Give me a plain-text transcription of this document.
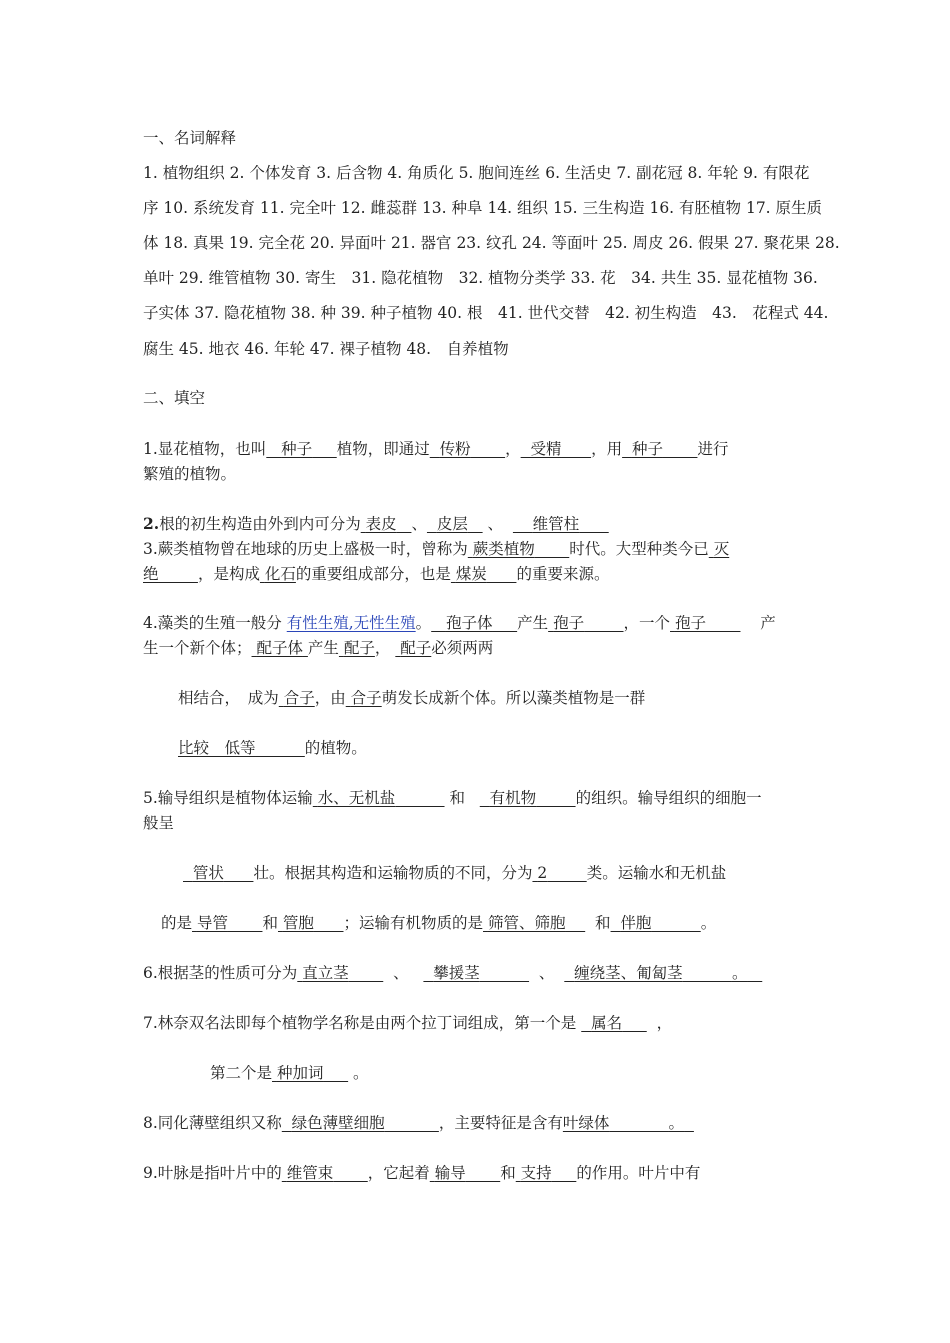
一、名词解释
1. 植物组织 2. 个体发育 3. 后含物 4. 角质化 5. 胞间连丝 6. 生活史 7. 副花冠 8. 年轮 9. 有限花
序 10. 系统发育 11. 完全叶 12. 雌蕊群 13. 种阜 14. 组织 15. 三生构造 16. 有胚植物 17. 原生质
体 18. 真果 19. 完全花 20. 异面叶 21. 器官 23. 纹孔 24. 等面叶 25. 周皮 26. 假果 27. 聚花果 28.
单叶 29. 维管植物 30. 寄生　31. 隐花植物　32. 植物分类学 33. 花　34. 共生 35. 显花植物 36.
子实体 37. 隐花植物 38. 种 39. 种子植物 40. 根　41. 世代交替　42. 初生构造　43.　花程式 44.
腐生 45. 地衣 46. 年轮 47. 裸子植物 48.　自养植物
二、填空
1.显花植物，也叫 种子 植物，即通过 传粉 ， 受精 ，用 种子 进行
繁殖的植物。
2.根的初生构造由外到内可分为 表皮 、 皮层 、 维管柱
3.蕨类植物曾在地球的历史上盛极一时，曾称为 蕨类植物 时代。大型种类今已 灭
绝	，是构成 化石的重要组成部分，也是 煤炭 的重要来源。
4.藻类的生殖一般分 有性生殖,无性生殖。 孢子体 产生 孢子	，一个 孢子	产
生一个新个体； 配子体 产生 配子， 配子必须两两
相结合，　成为 合子，由 合子萌发长成新个体。所以藻类植物是一群
比较　低等	的植物。
5.输导组织是植物体运输 水、无机盐	和 有机物	的组织。输导组织的细胞一
般呈
管状 壮。根据其构造和运输物质的不同，分为 2	类。运输水和无机盐
的是 导管 和 管胞 ；运输有机物质的是 筛管、筛胞 和 伴胞	。
6.根据茎的性质可分为 直立茎	、 攀援茎	、 缠绕茎、匍匐茎	。
7.林奈双名法即每个植物学名称是由两个拉丁词组成，第一个是 属名 ，
第二个是 种加词 。
8.同化薄壁组织又称 绿色薄壁细胞	，主要特征是含有叶绿体	。
9.叶脉是指叶片中的 维管束 ，它起着 输导 和 支持 的作用。叶片中有
